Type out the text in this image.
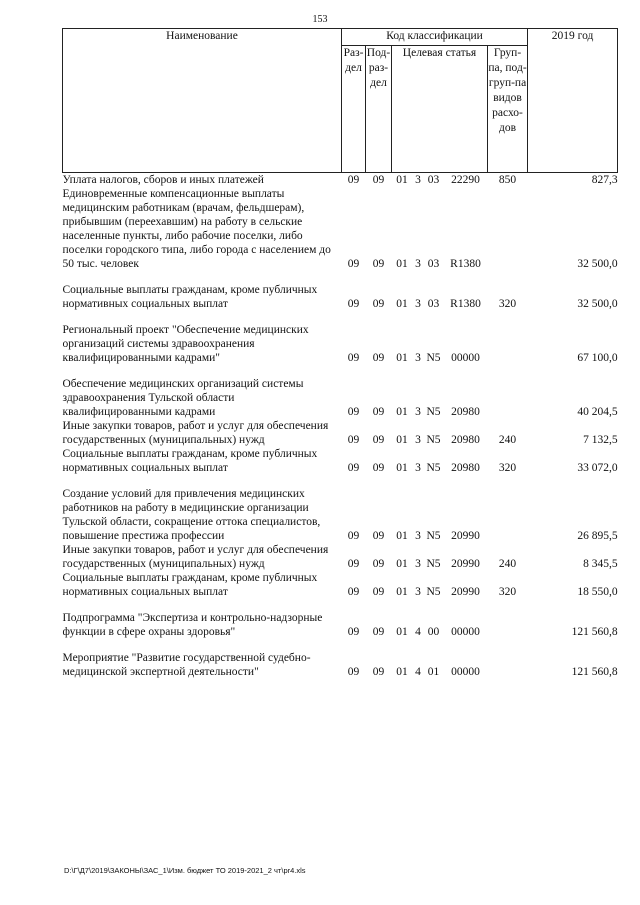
153
Наименование	Код классификации							2019 год
	Раз-дел	Под-раз-дел	Целевая статья				Груп-па, под-груп-па видов расхо-дов	
Уплата налогов, сборов и иных платежей	09	09	01	3	03	22290	850	827,3
Единовременные компенсационные выплаты медицинским работникам (врачам, фельдшерам), прибывшим (переехавшим) на работу в сельские населенные пункты, либо рабочие поселки, либо поселки городского типа, либо города с населением до 50 тыс. человек	09	09	01	3	03	R1380		32 500,0

Социальные выплаты гражданам, кроме публичных нормативных социальных выплат	09	09	01	3	03	R1380	320	32 500,0

Региональный проект "Обеспечение медицинских организаций системы здравоохранения квалифицированными кадрами"	09	09	01	3	N5	00000		67 100,0

Обеспечение медицинских организаций системы здравоохранения Тульской области квалифицированными кадрами	09	09	01	3	N5	20980		40 204,5
Иные закупки товаров, работ и услуг для обеспечения государственных (муниципальных) нужд	09	09	01	3	N5	20980	240	7 132,5
Социальные выплаты гражданам, кроме публичных нормативных социальных выплат	09	09	01	3	N5	20980	320	33 072,0

Создание условий для привлечения медицинских работников на работу в медицинские организации Тульской области, сокращение оттока специалистов, повышение престижа профессии	09	09	01	3	N5	20990		26 895,5
Иные закупки товаров, работ и услуг для обеспечения государственных (муниципальных) нужд	09	09	01	3	N5	20990	240	8 345,5
Социальные выплаты гражданам, кроме публичных нормативных социальных выплат	09	09	01	3	N5	20990	320	18 550,0

Подпрограмма "Экспертиза и контрольно-надзорные функции в сфере охраны здоровья"	09	09	01	4	00	00000		121 560,8

Мероприятие "Развитие государственной судебно-медицинской экспертной деятельности"	09	09	01	4	01	00000		121 560,8
D:\Г\Д7\2019\ЗАКОНЫ\ЗАС_1\Изм. бюджет ТО 2019-2021_2 чт\pr4.xls
